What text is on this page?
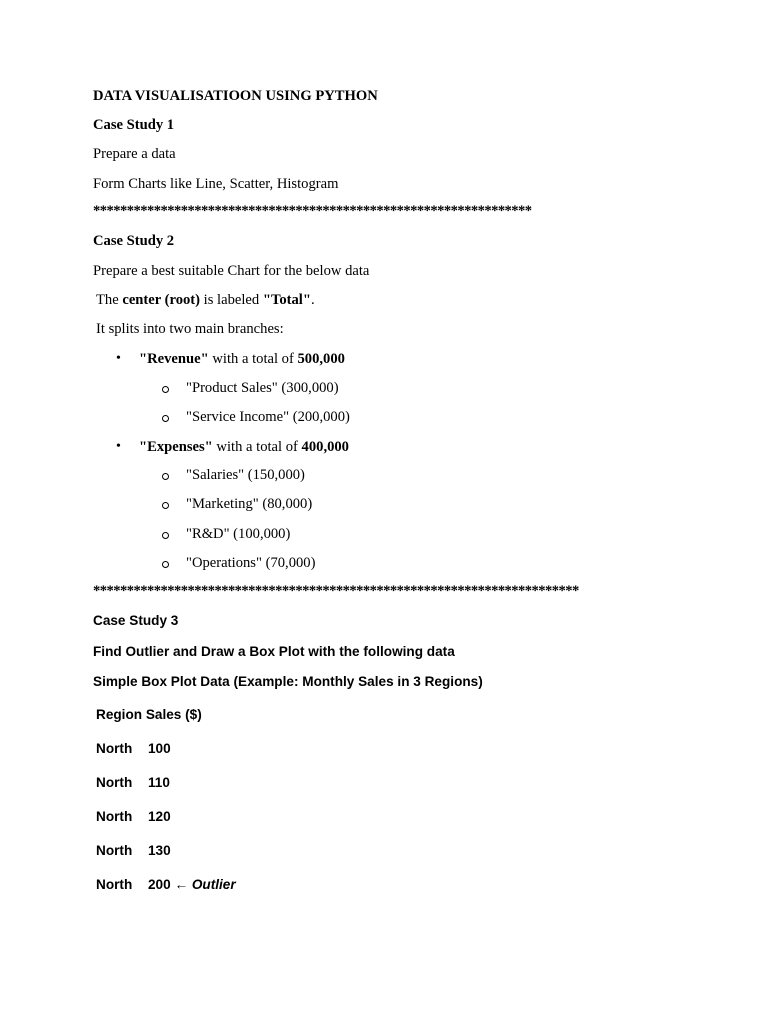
DATA VISUALISATIOON USING PYTHON
Case Study 1
Prepare a data
Form Charts like Line, Scatter, Histogram
*****************************************************************
Case Study 2
Prepare a best suitable Chart for the below data
The center (root) is labeled "Total".
It splits into two main branches:
• "Revenue" with a total of 500,000
"Product Sales" (300,000)
"Service Income" (200,000)
• "Expenses" with a total of 400,000
"Salaries" (150,000)
"Marketing" (80,000)
"R&D" (100,000)
"Operations" (70,000)
************************************************************************
Case Study 3
Find Outlier and Draw a Box Plot with the following data
Simple Box Plot Data (Example: Monthly Sales in 3 Regions)
Region Sales ($)
North 100
North 110
North 120
North 130
North 200 ← Outlier
